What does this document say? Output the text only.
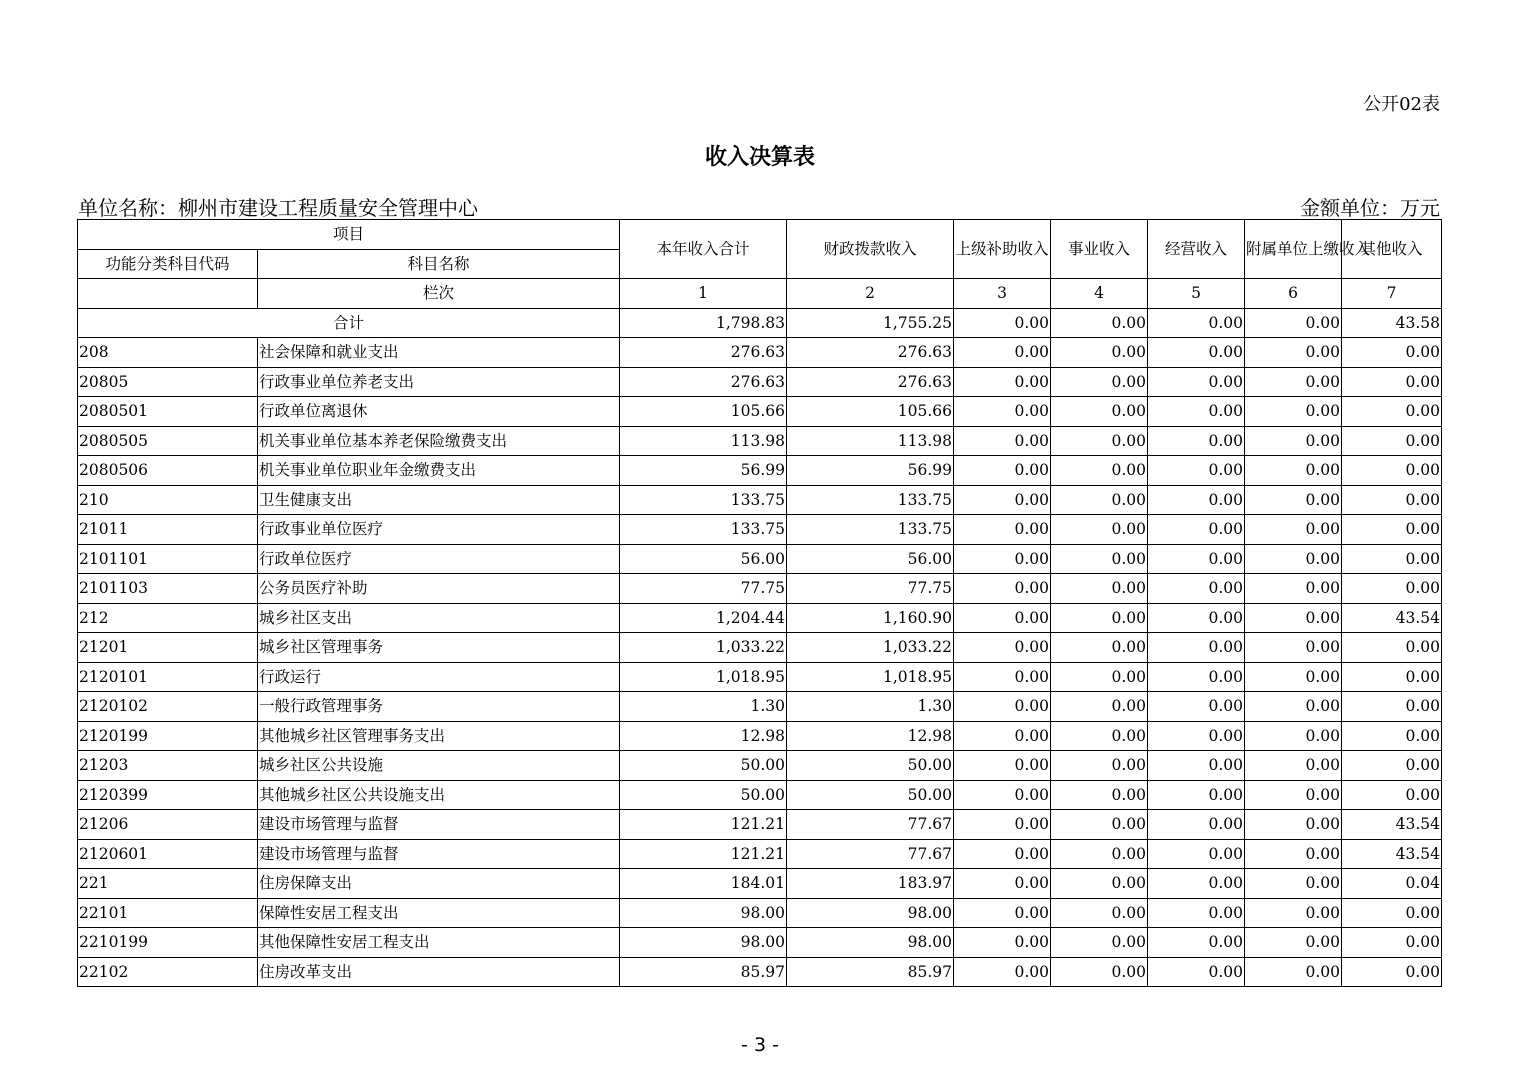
公开02表
收入决算表
单位名称：柳州市建设工程质量安全管理中心	金额单位：万元
项目		本年收入合计	财政拨款收入	上级补助收入	事业收入	经营收入	附属单位上缴收入	其他收入
功能分类科目代码	科目名称							
	栏次	1	2	3	4	5	6	7
合计		1,798.83	1,755.25	0.00	0.00	0.00	0.00	43.58
208	社会保障和就业支出	276.63	276.63	0.00	0.00	0.00	0.00	0.00
20805	行政事业单位养老支出	276.63	276.63	0.00	0.00	0.00	0.00	0.00
2080501	行政单位离退休	105.66	105.66	0.00	0.00	0.00	0.00	0.00
2080505	机关事业单位基本养老保险缴费支出	113.98	113.98	0.00	0.00	0.00	0.00	0.00
2080506	机关事业单位职业年金缴费支出	56.99	56.99	0.00	0.00	0.00	0.00	0.00
210	卫生健康支出	133.75	133.75	0.00	0.00	0.00	0.00	0.00
21011	行政事业单位医疗	133.75	133.75	0.00	0.00	0.00	0.00	0.00
2101101	行政单位医疗	56.00	56.00	0.00	0.00	0.00	0.00	0.00
2101103	公务员医疗补助	77.75	77.75	0.00	0.00	0.00	0.00	0.00
212	城乡社区支出	1,204.44	1,160.90	0.00	0.00	0.00	0.00	43.54
21201	城乡社区管理事务	1,033.22	1,033.22	0.00	0.00	0.00	0.00	0.00
2120101	行政运行	1,018.95	1,018.95	0.00	0.00	0.00	0.00	0.00
2120102	一般行政管理事务	1.30	1.30	0.00	0.00	0.00	0.00	0.00
2120199	其他城乡社区管理事务支出	12.98	12.98	0.00	0.00	0.00	0.00	0.00
21203	城乡社区公共设施	50.00	50.00	0.00	0.00	0.00	0.00	0.00
2120399	其他城乡社区公共设施支出	50.00	50.00	0.00	0.00	0.00	0.00	0.00
21206	建设市场管理与监督	121.21	77.67	0.00	0.00	0.00	0.00	43.54
2120601	建设市场管理与监督	121.21	77.67	0.00	0.00	0.00	0.00	43.54
221	住房保障支出	184.01	183.97	0.00	0.00	0.00	0.00	0.04
22101	保障性安居工程支出	98.00	98.00	0.00	0.00	0.00	0.00	0.00
2210199	其他保障性安居工程支出	98.00	98.00	0.00	0.00	0.00	0.00	0.00
22102	住房改革支出	85.97	85.97	0.00	0.00	0.00	0.00	0.00
- 3 -
